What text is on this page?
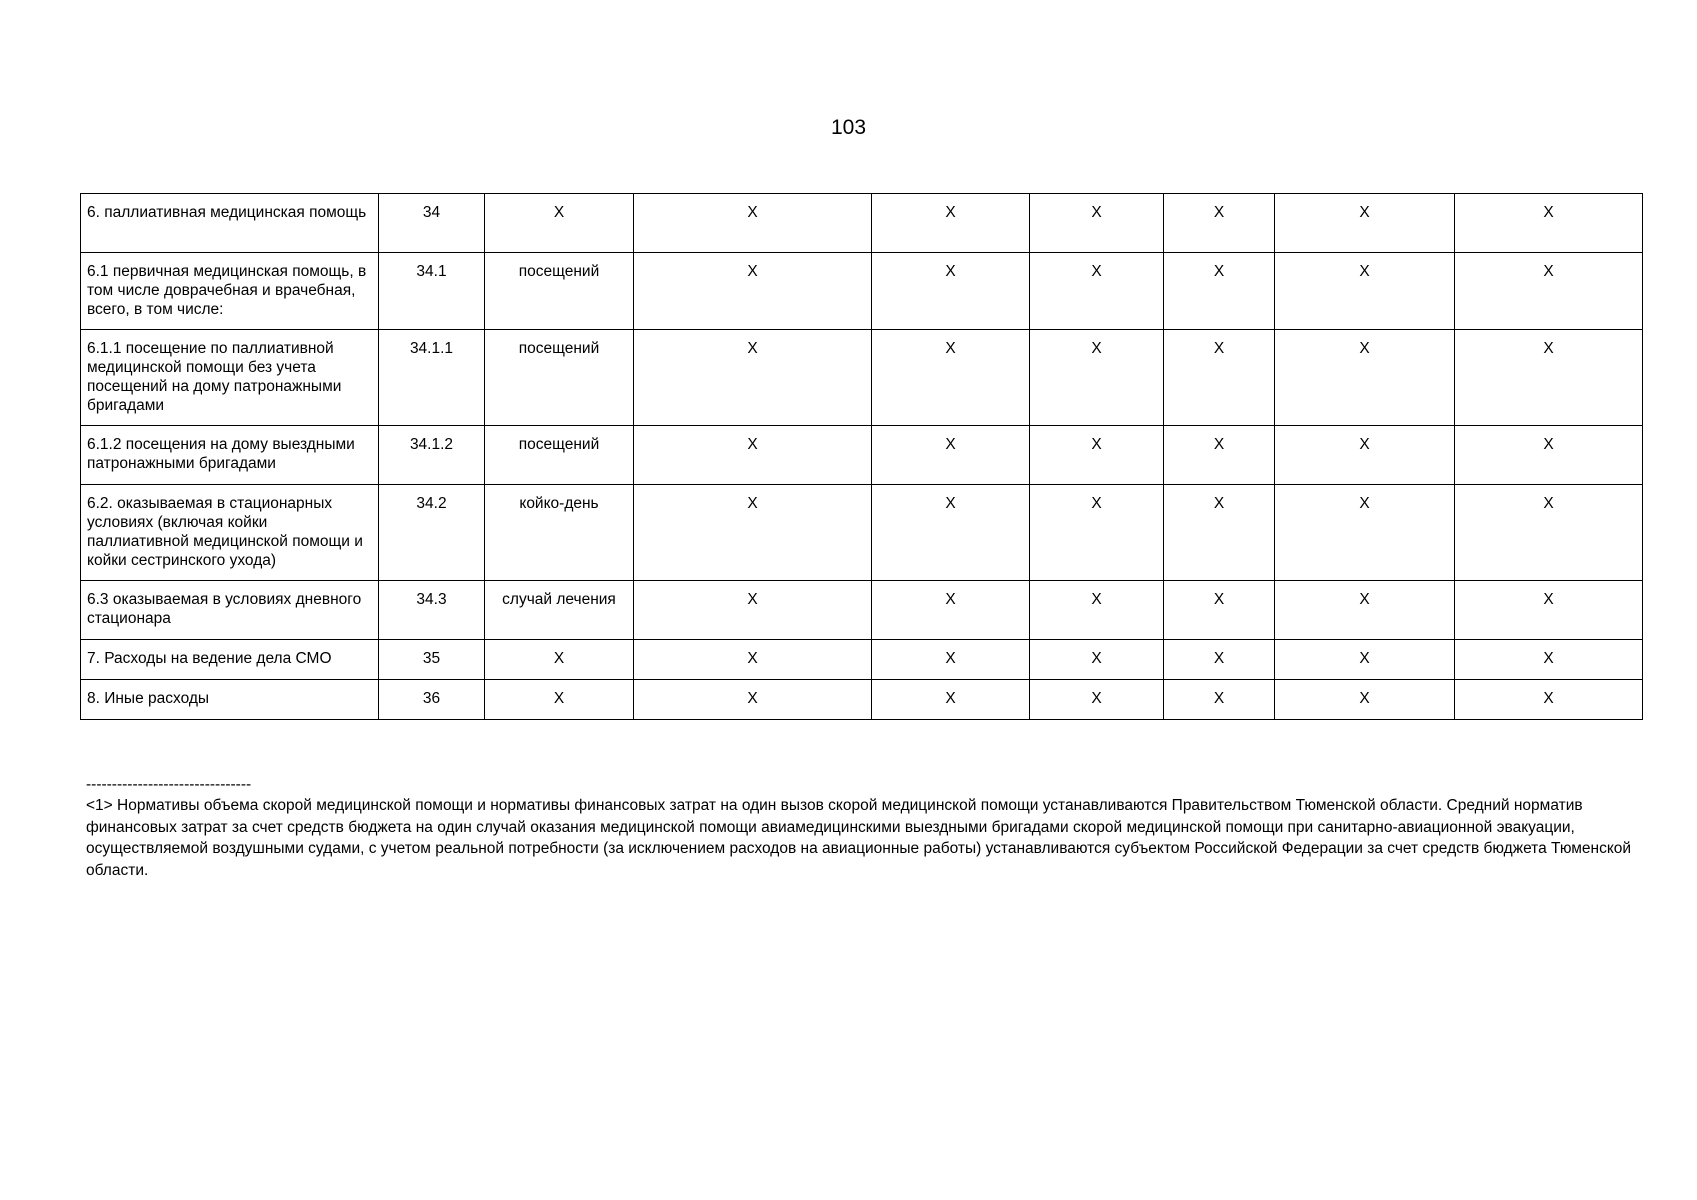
103
6. паллиативная медицинская помощь	34	Х	Х	Х	Х	Х	Х	Х
6.1 первичная медицинская помощь, в том числе доврачебная и врачебная, всего, в том числе:	34.1	посещений	Х	Х	Х	Х	Х	Х
6.1.1 посещение по паллиативной медицинской помощи без учета посещений на дому патронажными бригадами	34.1.1	посещений	Х	Х	Х	Х	Х	Х
6.1.2 посещения на дому выездными патронажными бригадами	34.1.2	посещений	Х	Х	Х	Х	Х	Х
6.2. оказываемая в стационарных условиях (включая койки паллиативной медицинской помощи и койки сестринского ухода)	34.2	койко-день	Х	Х	Х	Х	Х	Х
6.3 оказываемая в условиях дневного стационара	34.3	случай лечения	Х	Х	Х	Х	Х	Х
7. Расходы на ведение дела СМО	35	Х	Х	Х	Х	Х	Х	Х
8. Иные расходы	36	Х	Х	Х	Х	Х	Х	Х
--------------------------------

<1> Нормативы объема скорой медицинской помощи и нормативы финансовых затрат на один вызов скорой медицинской помощи устанавливаются Правительством Тюменской области. Средний норматив финансовых затрат за счет средств бюджета на один случай оказания медицинской помощи авиамедицинскими выездными бригадами скорой медицинской помощи при санитарно-авиационной эвакуации, осуществляемой воздушными судами, с учетом реальной потребности (за исключением расходов на авиационные работы) устанавливаются субъектом Российской Федерации за счет средств бюджета Тюменской области.
